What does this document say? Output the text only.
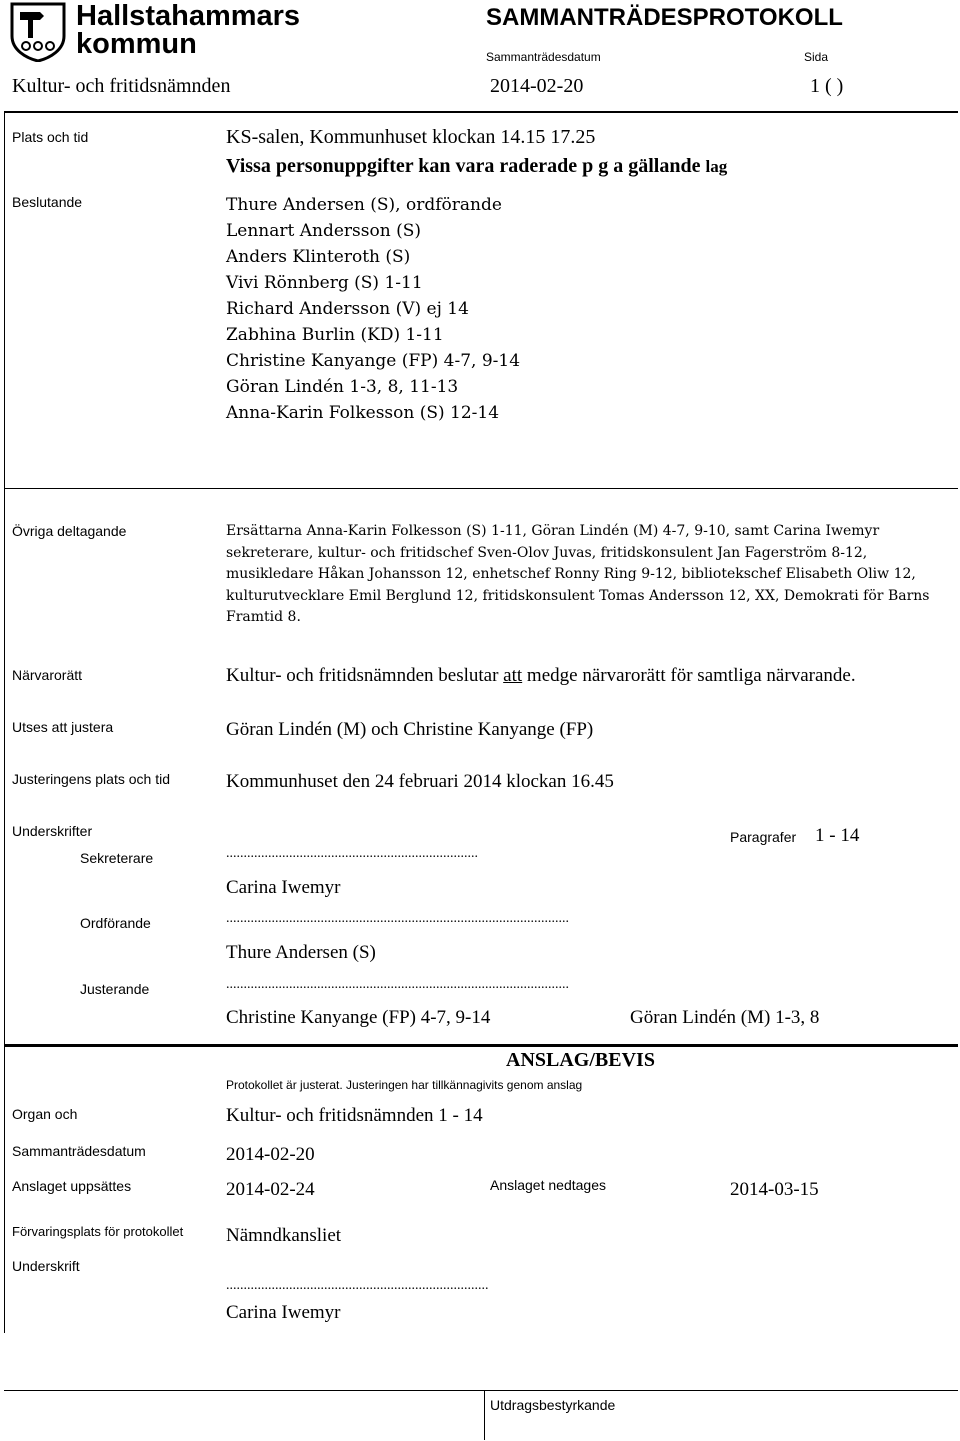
Hallstahammars
kommun
SAMMANTRÄDESPROTOKOLL
Sammanträdesdatum	Sida
Kultur- och fritidsnämnden	2014-02-20	1 ( )
Plats och tid	KS-salen, Kommunhuset klockan 14.15 17.25
Vissa personuppgifter kan vara raderade p g a gällande lag
Beslutande	Thure Andersen (S), ordförande
Lennart Andersson (S)
Anders Klinteroth (S)
Vivi Rönnberg (S) 1-11
Richard Andersson (V) ej 14
Zabhina Burlin (KD) 1-11
Christine Kanyange (FP) 4-7, 9-14
Göran Lindén 1-3, 8, 11-13
Anna-Karin Folkesson (S) 12-14
Övriga deltagande	Ersättarna Anna-Karin Folkesson (S) 1-11, Göran Lindén (M) 4-7, 9-10, samt Carina Iwemyr sekreterare, kultur- och fritidschef Sven-Olov Juvas, fritidskonsulent Jan Fagerström 8-12, musikledare Håkan Johansson 12, enhetschef Ronny Ring 9-12, bibliotekschef Elisabeth Oliw 12, kulturutvecklare Emil Berglund 12, fritidskonsulent Tomas Andersson 12, XX, Demokrati för Barns Framtid 8.
Närvarorätt	Kultur- och fritidsnämnden beslutar att medge närvarorätt för samtliga närvarande.
Utses att justera	Göran Lindén (M) och Christine Kanyange (FP)
Justeringens plats och tid	Kommunhuset den 24 februari 2014 klockan 16.45
Underskrifter	Paragrafer 1 - 14
Sekreterare	........................................................................
Carina Iwemyr
Ordförande	..................................................................................................
Thure Andersen (S)
Justerande	..................................................................................................
Christine Kanyange (FP) 4-7, 9-14	Göran Lindén (M) 1-3, 8
ANSLAG/BEVIS
Protokollet är justerat. Justeringen har tillkännagivits genom anslag
Organ och	Kultur- och fritidsnämnden 1 - 14
Sammanträdesdatum	2014-02-20
Anslaget uppsättes	2014-02-24	Anslaget nedtages	2014-03-15
Förvaringsplats för protokollet Nämndkansliet
Underskrift
...........................................................................
Carina Iwemyr
Utdragsbestyrkande
